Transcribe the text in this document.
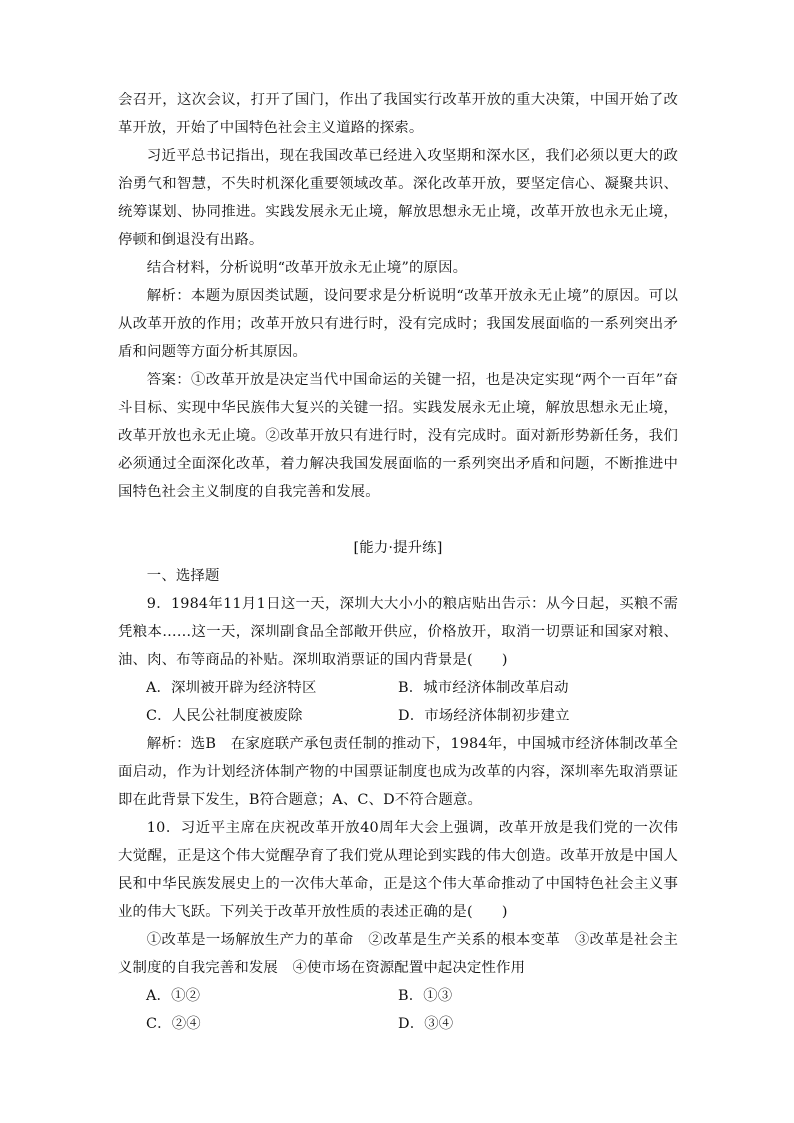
会召开，这次会议，打开了国门，作出了我国实行改革开放的重大决策，中国开始了改革开放，开始了中国特色社会主义道路的探索。

习近平总书记指出，现在我国改革已经进入攻坚期和深水区，我们必须以更大的政治勇气和智慧，不失时机深化重要领域改革。深化改革开放，要坚定信心、凝聚共识、统筹谋划、协同推进。实践发展永无止境，解放思想永无止境，改革开放也永无止境，停顿和倒退没有出路。

结合材料，分析说明“改革开放永无止境”的原因。

解析：本题为原因类试题，设问要求是分析说明“改革开放永无止境”的原因。可以从改革开放的作用；改革开放只有进行时，没有完成时；我国发展面临的一系列突出矛盾和问题等方面分析其原因。

答案：①改革开放是决定当代中国命运的关键一招，也是决定实现“两个一百年”奋斗目标、实现中华民族伟大复兴的关键一招。实践发展永无止境，解放思想永无止境，改革开放也永无止境。②改革开放只有进行时，没有完成时。面对新形势新任务，我们必须通过全面深化改革，着力解决我国发展面临的一系列突出矛盾和问题，不断推进中国特色社会主义制度的自我完善和发展。

[能力·提升练]

一、选择题

9．1984年11月1日这一天，深圳大大小小的粮店贴出告示：从今日起，买粮不需凭粮本……这一天，深圳副食品全部敞开供应，价格放开，取消一切票证和国家对粮、油、肉、布等商品的补贴。深圳取消票证的国内背景是(　　)

A．深圳被开辟为经济特区	B．城市经济体制改革启动
C．人民公社制度被废除	D．市场经济体制初步建立

解析：选B　在家庭联产承包责任制的推动下，1984年，中国城市经济体制改革全面启动，作为计划经济体制产物的中国票证制度也成为改革的内容，深圳率先取消票证即在此背景下发生，B符合题意；A、C、D不符合题意。

10．习近平主席在庆祝改革开放40周年大会上强调，改革开放是我们党的一次伟大觉醒，正是这个伟大觉醒孕育了我们党从理论到实践的伟大创造。改革开放是中国人民和中华民族发展史上的一次伟大革命，正是这个伟大革命推动了中国特色社会主义事业的伟大飞跃。下列关于改革开放性质的表述正确的是(　　)

①改革是一场解放生产力的革命　②改革是生产关系的根本变革　③改革是社会主义制度的自我完善和发展　④使市场在资源配置中起决定性作用

A．①②	B．①③
C．②④	D．③④
